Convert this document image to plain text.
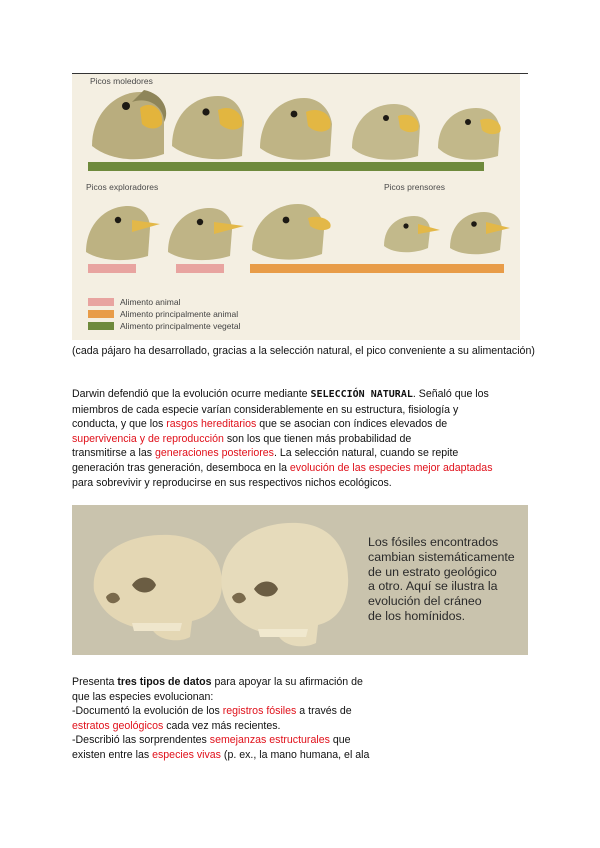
Picos moledores
Picos exploradores	Picos prensores
Alimento animal
Alimento principalmente animal
Alimento principalmente vegetal
(cada pájaro ha desarrollado, gracias a la selección natural, el pico conveniente a su alimentación)
Darwin defendió que la evolución ocurre mediante SELECCIÓN NATURAL. Señaló que los
miembros de cada especie varían considerablemente en su estructura, fisiología y
conducta, y que los rasgos hereditarios que se asocian con índices elevados de
supervivencia y de reproducción son los que tienen más probabilidad de
transmitirse a las generaciones posteriores. La selección natural, cuando se repite
generación tras generación, desemboca en la evolución de las especies mejor adaptadas
para sobrevivir y reproducirse en sus respectivos nichos ecológicos.
Los fósiles encontrados
cambian sistemáticamente
de un estrato geológico
a otro. Aquí se ilustra la
evolución del cráneo
de los homínidos.
Presenta tres tipos de datos para apoyar la su afirmación de
que las especies evolucionan:
-Documentó la evolución de los registros fósiles a través de
estratos geológicos cada vez más recientes.
-Describió las sorprendentes semejanzas estructurales que
existen entre las especies vivas (p. ex., la mano humana, el ala
